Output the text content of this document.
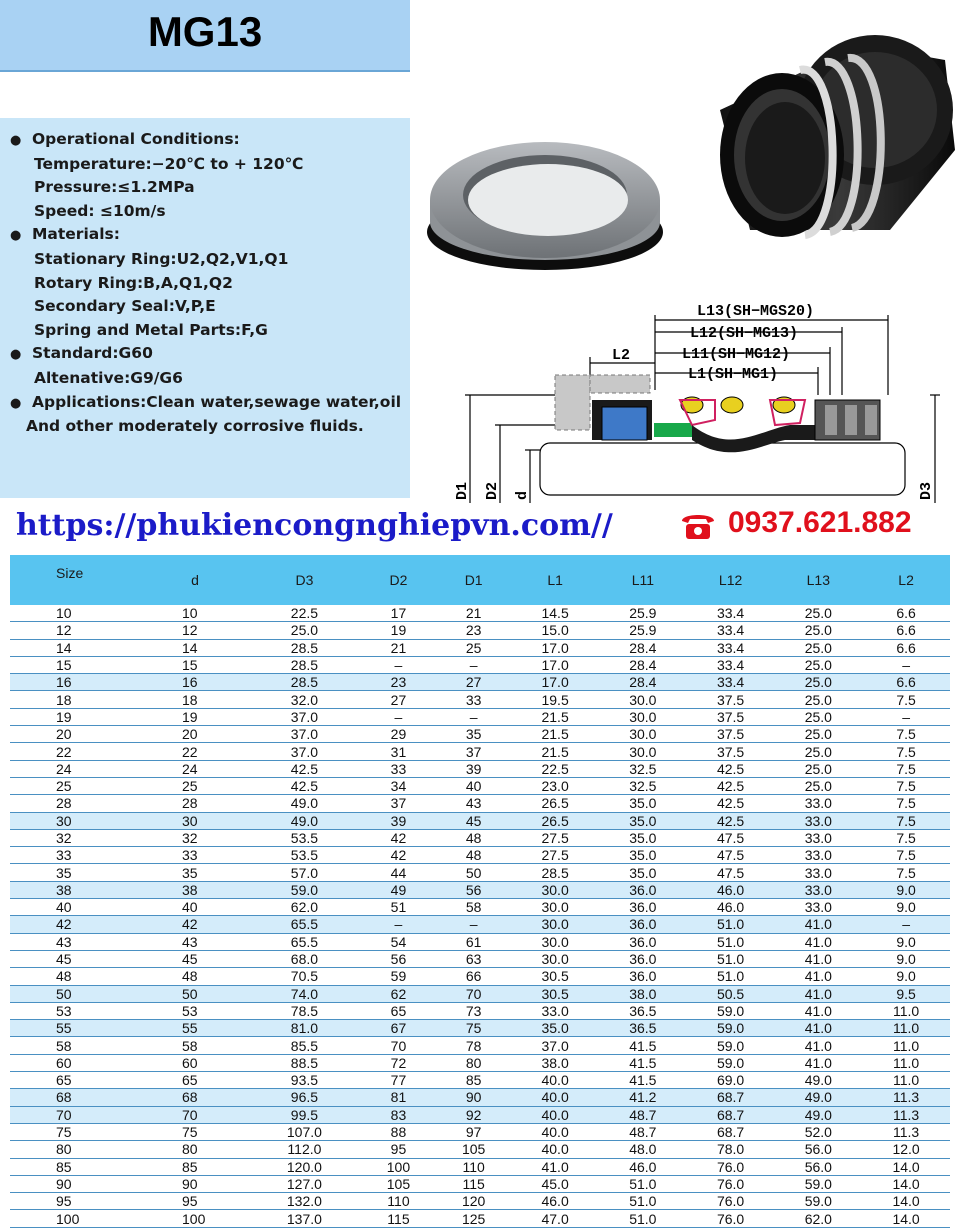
MG13
● Operational Conditions:
Temperature:−20℃ to + 120℃
Pressure:≤1.2MPa
Speed: ≤10m/s
● Materials:
Stationary Ring:U2,Q2,V1,Q1
Rotary Ring:B,A,Q1,Q2
Secondary Seal:V,P,E
Spring and Metal Parts:F,G
● Standard:G60
Altenative:G9/G6
● Applications:Clean water,sewage water,oil
And other moderately corrosive fluids.
L13(SH−MGS20)
L12(SH−MG13)
L11(SH−MG12)
L1(SH−MG1)
L2
D1 D2 d	D3
https://phukiencongnghiepvn.com//	0937.621.882
Size	d	D3	D2	D1	L1	L11	L12	L13	L2
10	10	22.5	17	21	14.5	25.9	33.4	25.0	6.6
12	12	25.0	19	23	15.0	25.9	33.4	25.0	6.6
14	14	28.5	21	25	17.0	28.4	33.4	25.0	6.6
15	15	28.5	–	–	17.0	28.4	33.4	25.0	–
16	16	28.5	23	27	17.0	28.4	33.4	25.0	6.6
18	18	32.0	27	33	19.5	30.0	37.5	25.0	7.5
19	19	37.0	–	–	21.5	30.0	37.5	25.0	–
20	20	37.0	29	35	21.5	30.0	37.5	25.0	7.5
22	22	37.0	31	37	21.5	30.0	37.5	25.0	7.5
24	24	42.5	33	39	22.5	32.5	42.5	25.0	7.5
25	25	42.5	34	40	23.0	32.5	42.5	25.0	7.5
28	28	49.0	37	43	26.5	35.0	42.5	33.0	7.5
30	30	49.0	39	45	26.5	35.0	42.5	33.0	7.5
32	32	53.5	42	48	27.5	35.0	47.5	33.0	7.5
33	33	53.5	42	48	27.5	35.0	47.5	33.0	7.5
35	35	57.0	44	50	28.5	35.0	47.5	33.0	7.5
38	38	59.0	49	56	30.0	36.0	46.0	33.0	9.0
40	40	62.0	51	58	30.0	36.0	46.0	33.0	9.0
42	42	65.5	–	–	30.0	36.0	51.0	41.0	–
43	43	65.5	54	61	30.0	36.0	51.0	41.0	9.0
45	45	68.0	56	63	30.0	36.0	51.0	41.0	9.0
48	48	70.5	59	66	30.5	36.0	51.0	41.0	9.0
50	50	74.0	62	70	30.5	38.0	50.5	41.0	9.5
53	53	78.5	65	73	33.0	36.5	59.0	41.0	11.0
55	55	81.0	67	75	35.0	36.5	59.0	41.0	11.0
58	58	85.5	70	78	37.0	41.5	59.0	41.0	11.0
60	60	88.5	72	80	38.0	41.5	59.0	41.0	11.0
65	65	93.5	77	85	40.0	41.5	69.0	49.0	11.0
68	68	96.5	81	90	40.0	41.2	68.7	49.0	11.3
70	70	99.5	83	92	40.0	48.7	68.7	49.0	11.3
75	75	107.0	88	97	40.0	48.7	68.7	52.0	11.3
80	80	112.0	95	105	40.0	48.0	78.0	56.0	12.0
85	85	120.0	100	110	41.0	46.0	76.0	56.0	14.0
90	90	127.0	105	115	45.0	51.0	76.0	59.0	14.0
95	95	132.0	110	120	46.0	51.0	76.0	59.0	14.0
100	100	137.0	115	125	47.0	51.0	76.0	62.0	14.0
